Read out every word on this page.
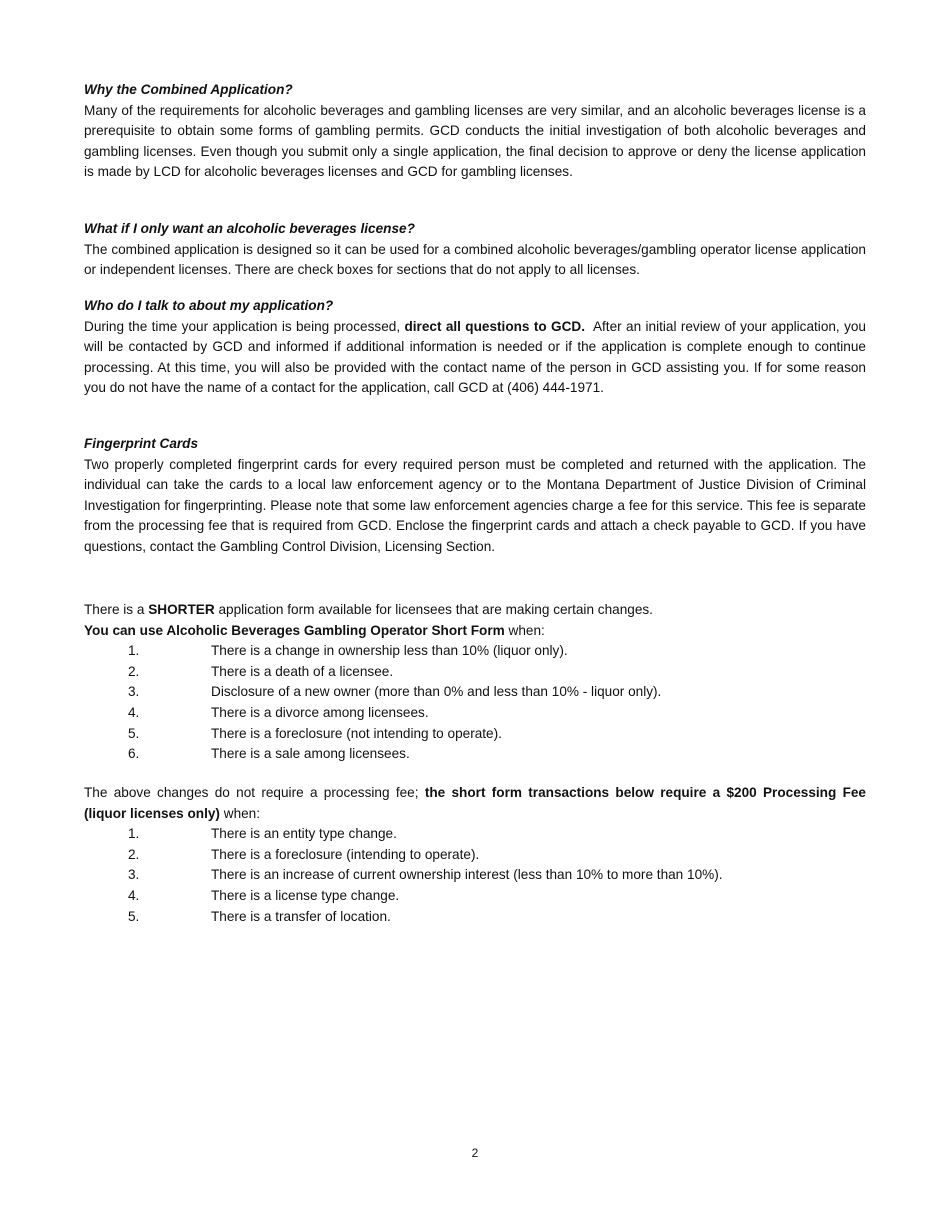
Why the Combined Application?
Many of the requirements for alcoholic beverages and gambling licenses are very similar, and an alcoholic beverages license is a prerequisite to obtain some forms of gambling permits. GCD conducts the initial investigation of both alcoholic beverages and gambling licenses. Even though you submit only a single application, the final decision to approve or deny the license application is made by LCD for alcoholic beverages licenses and GCD for gambling licenses.
What if I only want an alcoholic beverages license?
The combined application is designed so it can be used for a combined alcoholic beverages/gambling operator license application or independent licenses. There are check boxes for sections that do not apply to all licenses.
Who do I talk to about my application?
During the time your application is being processed, direct all questions to GCD.  After an initial review of your application, you will be contacted by GCD and informed if additional information is needed or if the application is complete enough to continue processing. At this time, you will also be provided with the contact name of the person in GCD assisting you. If for some reason you do not have the name of a contact for the application, call GCD at (406) 444-1971.
Fingerprint Cards
Two properly completed fingerprint cards for every required person must be completed and returned with the application. The individual can take the cards to a local law enforcement agency or to the Montana Department of Justice Division of Criminal Investigation for fingerprinting. Please note that some law enforcement agencies charge a fee for this service. This fee is separate from the processing fee that is required from GCD. Enclose the fingerprint cards and attach a check payable to GCD. If you have questions, contact the Gambling Control Division, Licensing Section.
There is a SHORTER application form available for licensees that are making certain changes.
You can use Alcoholic Beverages Gambling Operator Short Form when:
1.	There is a change in ownership less than 10% (liquor only).
2.	There is a death of a licensee.
3.	Disclosure of a new owner (more than 0% and less than 10% - liquor only).
4.	There is a divorce among licensees.
5.	There is a foreclosure (not intending to operate).
6.	There is a sale among licensees.
The above changes do not require a processing fee; the short form transactions below require a $200 Processing Fee (liquor licenses only) when:
1.	There is an entity type change.
2.	There is a foreclosure (intending to operate).
3.	There is an increase of current ownership interest (less than 10% to more than 10%).
4.	There is a license type change.
5.	There is a transfer of location.
2
